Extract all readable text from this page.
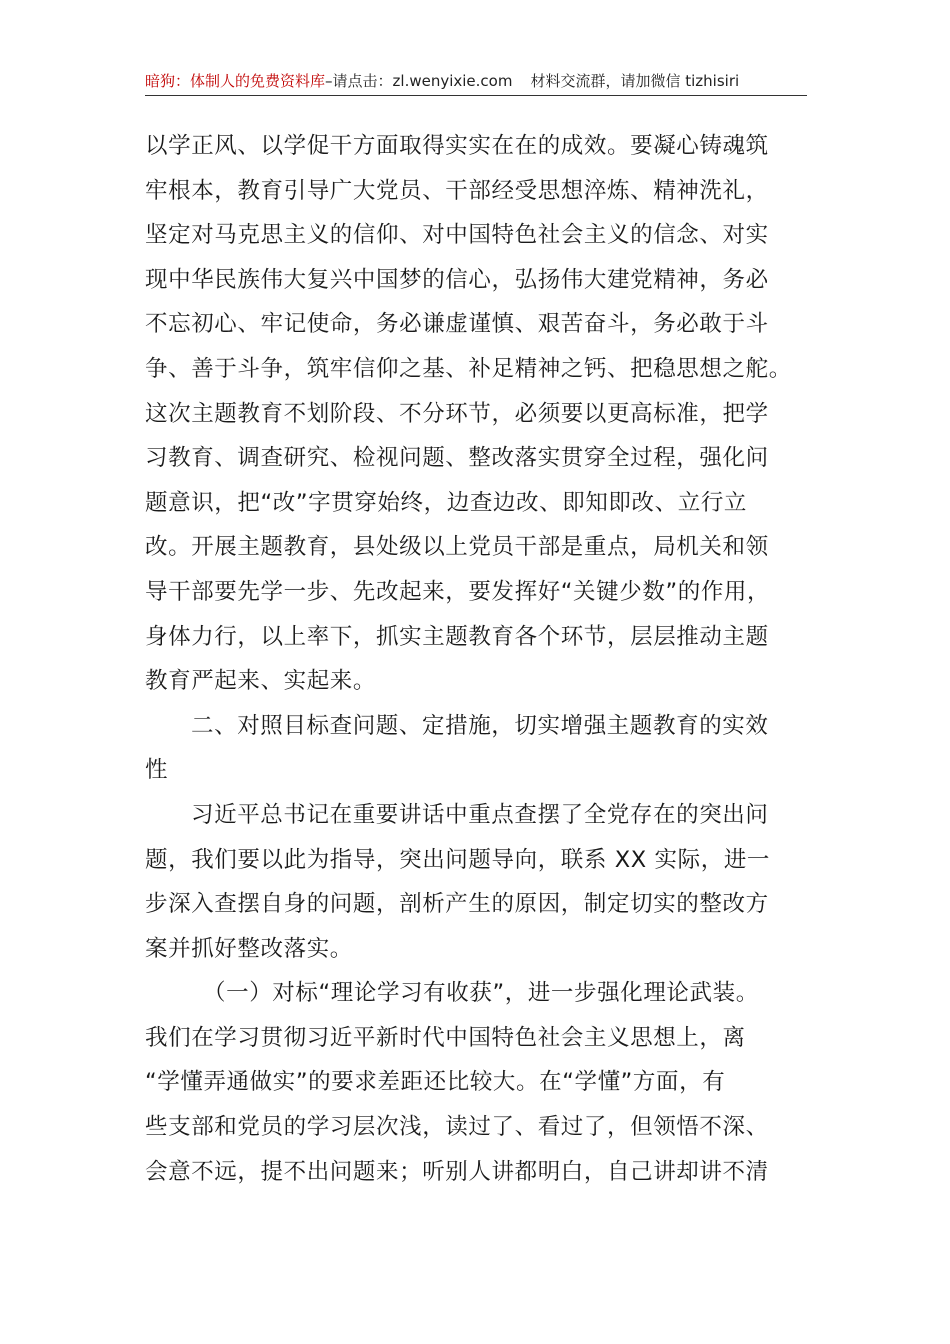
暗狗：体制人的免费资料库–请点击：zl.wenyixie.com 材料交流群，请加微信 tizhisiri
以学正风、以学促干方面取得实实在在的成效。要凝心铸魂筑
牢根本，教育引导广大党员、干部经受思想淬炼、精神洗礼，
坚定对马克思主义的信仰、对中国特色社会主义的信念、对实
现中华民族伟大复兴中国梦的信心，弘扬伟大建党精神，务必
不忘初心、牢记使命，务必谦虚谨慎、艰苦奋斗，务必敢于斗
争、善于斗争，筑牢信仰之基、补足精神之钙、把稳思想之舵。
这次主题教育不划阶段、不分环节，必须要以更高标准，把学
习教育、调查研究、检视问题、整改落实贯穿全过程，强化问
题意识，把“改”字贯穿始终，边查边改、即知即改、立行立
改。开展主题教育，县处级以上党员干部是重点，局机关和领
导干部要先学一步、先改起来，要发挥好“关键少数”的作用，
身体力行，以上率下，抓实主题教育各个环节，层层推动主题
教育严起来、实起来。
二、对照目标查问题、定措施，切实增强主题教育的实效
性
习近平总书记在重要讲话中重点查摆了全党存在的突出问
题，我们要以此为指导，突出问题导向，联系 XX 实际，进一
步深入查摆自身的问题，剖析产生的原因，制定切实的整改方
案并抓好整改落实。
（一）对标“理论学习有收获”，进一步强化理论武装。
我们在学习贯彻习近平新时代中国特色社会主义思想上，离
“学懂弄通做实”的要求差距还比较大。在“学懂”方面，有
些支部和党员的学习层次浅，读过了、看过了，但领悟不深、
会意不远，提不出问题来；听别人讲都明白，自己讲却讲不清
